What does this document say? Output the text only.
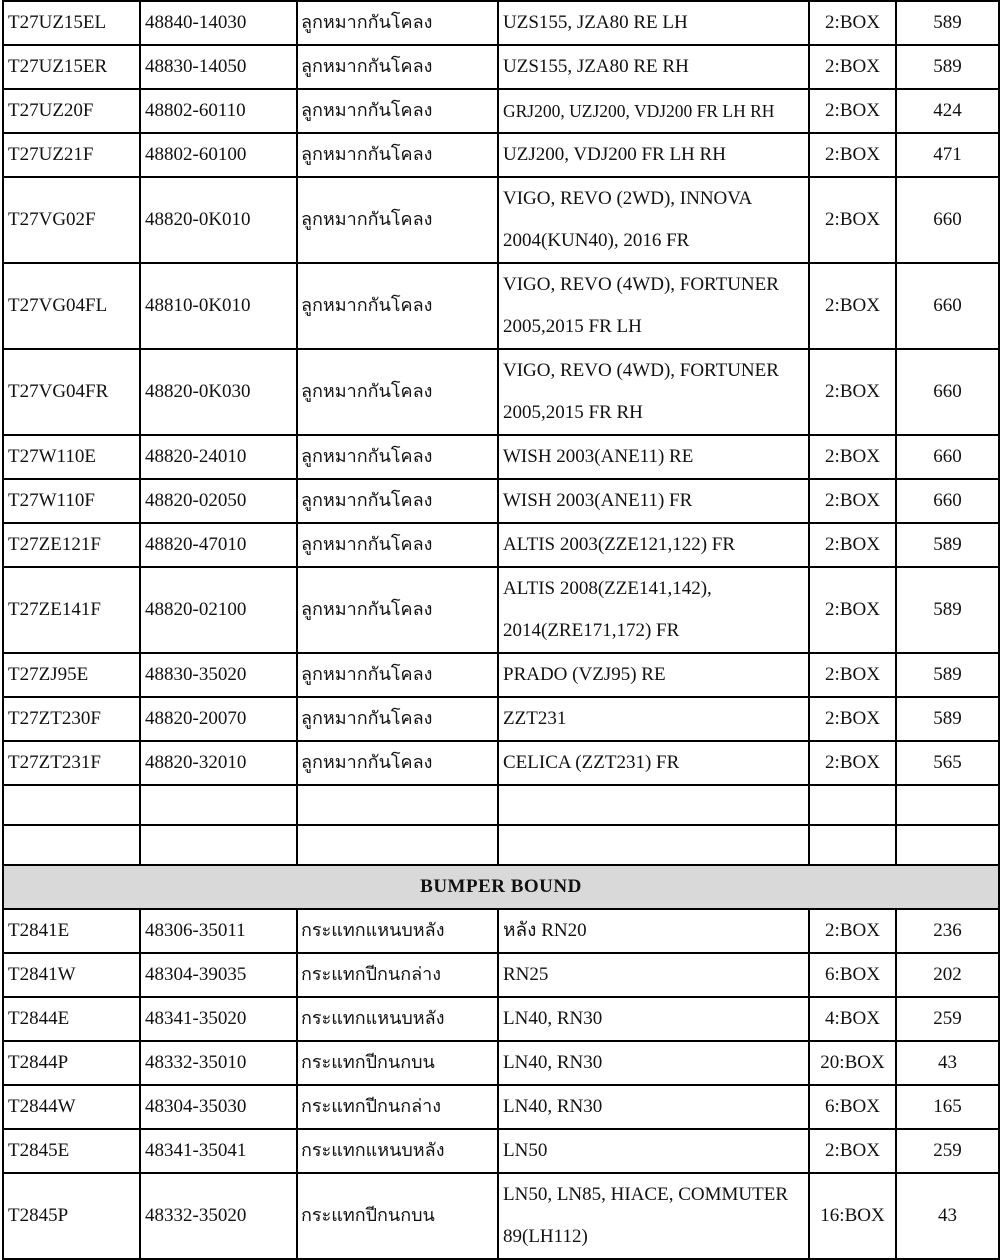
T27UZ15EL	48840-14030	ลูกหมากกันโคลง	UZS155, JZA80 RE LH	2:BOX	589
T27UZ15ER	48830-14050	ลูกหมากกันโคลง	UZS155, JZA80 RE RH	2:BOX	589
T27UZ20F	48802-60110	ลูกหมากกันโคลง	GRJ200, UZJ200, VDJ200 FR LH RH	2:BOX	424
T27UZ21F	48802-60100	ลูกหมากกันโคลง	UZJ200, VDJ200 FR LH RH	2:BOX	471
T27VG02F	48820-0K010	ลูกหมากกันโคลง	VIGO, REVO (2WD), INNOVA 2004(KUN40), 2016 FR	2:BOX	660
T27VG04FL	48810-0K010	ลูกหมากกันโคลง	VIGO, REVO (4WD), FORTUNER 2005,2015 FR LH	2:BOX	660
T27VG04FR	48820-0K030	ลูกหมากกันโคลง	VIGO, REVO (4WD), FORTUNER 2005,2015 FR RH	2:BOX	660
T27W110E	48820-24010	ลูกหมากกันโคลง	WISH 2003(ANE11) RE	2:BOX	660
T27W110F	48820-02050	ลูกหมากกันโคลง	WISH 2003(ANE11) FR	2:BOX	660
T27ZE121F	48820-47010	ลูกหมากกันโคลง	ALTIS 2003(ZZE121,122) FR	2:BOX	589
T27ZE141F	48820-02100	ลูกหมากกันโคลง	ALTIS 2008(ZZE141,142), 2014(ZRE171,172) FR	2:BOX	589
T27ZJ95E	48830-35020	ลูกหมากกันโคลง	PRADO (VZJ95) RE	2:BOX	589
T27ZT230F	48820-20070	ลูกหมากกันโคลง	ZZT231	2:BOX	589
T27ZT231F	48820-32010	ลูกหมากกันโคลง	CELICA (ZZT231) FR	2:BOX	565

BUMPER BOUND					
T2841E	48306-35011	กระแทกแหนบหลัง	หลัง RN20	2:BOX	236
T2841W	48304-39035	กระแทกปีกนกล่าง	RN25	6:BOX	202
T2844E	48341-35020	กระแทกแหนบหลัง	LN40, RN30	4:BOX	259
T2844P	48332-35010	กระแทกปีกนกบน	LN40, RN30	20:BOX	43
T2844W	48304-35030	กระแทกปีกนกล่าง	LN40, RN30	6:BOX	165
T2845E	48341-35041	กระแทกแหนบหลัง	LN50	2:BOX	259
T2845P	48332-35020	กระแทกปีกนกบน	LN50, LN85, HIACE, COMMUTER 89(LH112)	16:BOX	43
